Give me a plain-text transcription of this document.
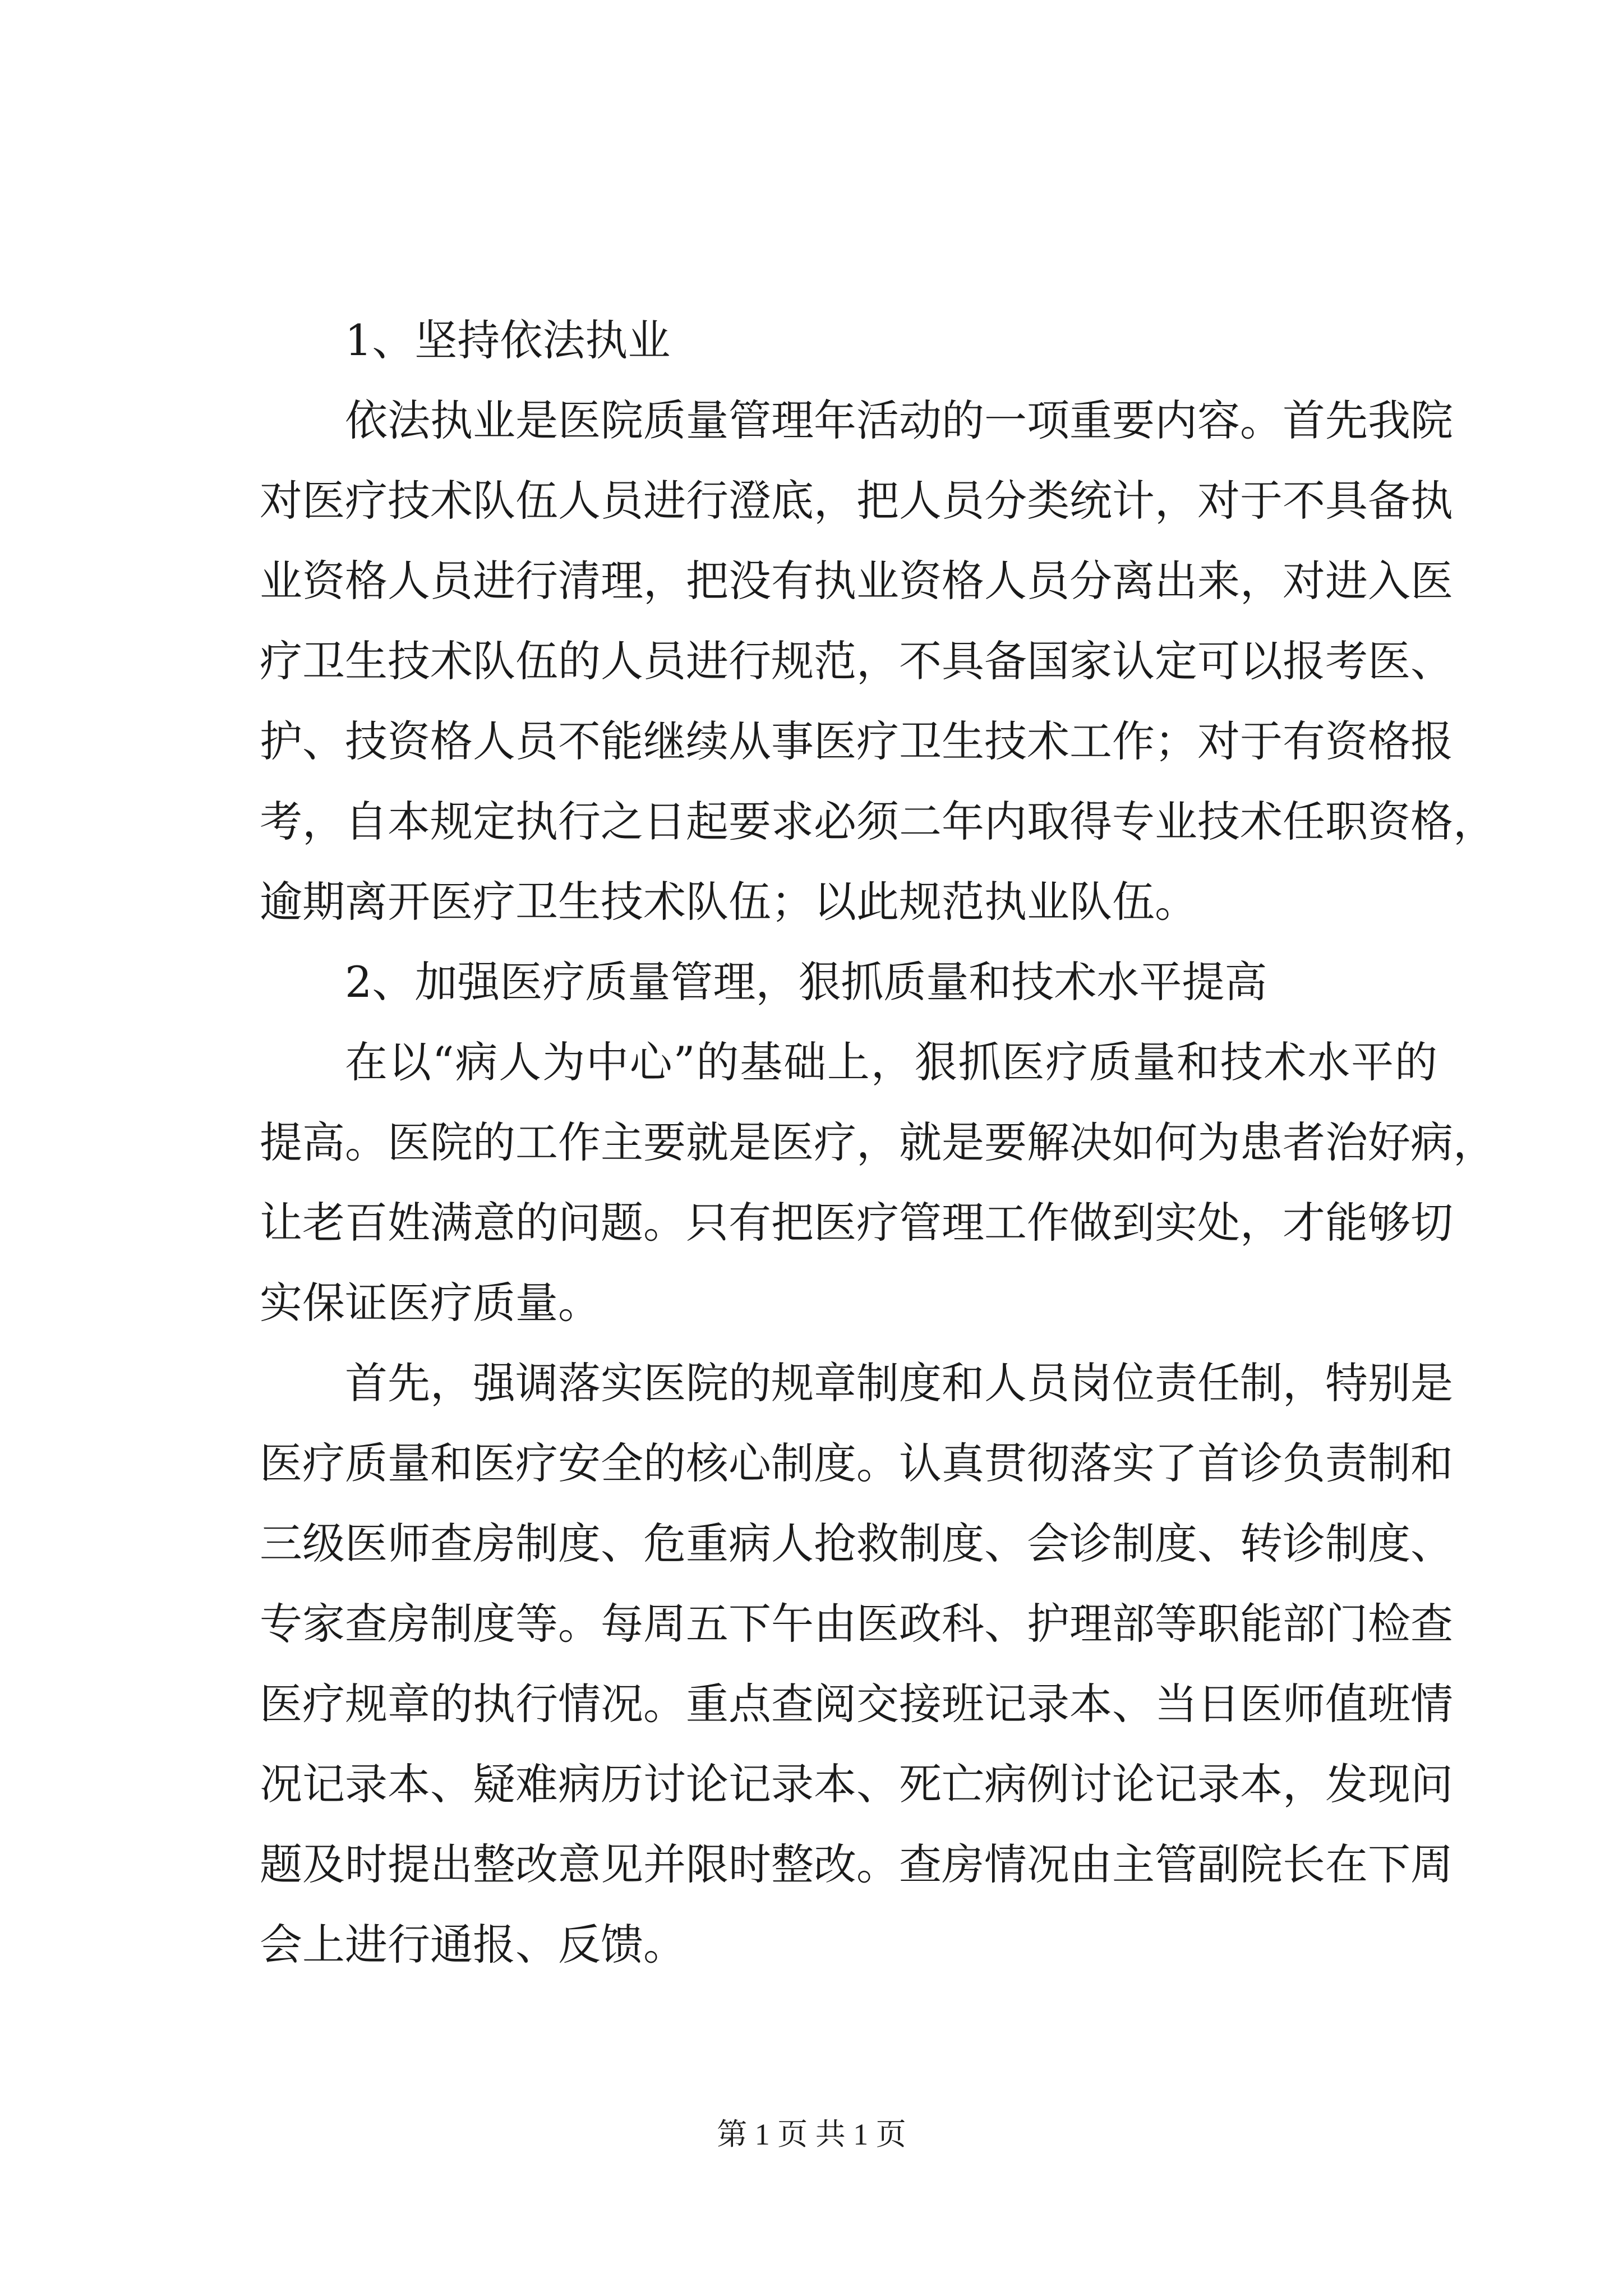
1、坚持依法执业
依法执业是医院质量管理年活动的一项重要内容。首先我院
对医疗技术队伍人员进行澄底，把人员分类统计，对于不具备执
业资格人员进行清理，把没有执业资格人员分离出来，对进入医
疗卫生技术队伍的人员进行规范，不具备国家认定可以报考医、
护、技资格人员不能继续从事医疗卫生技术工作；对于有资格报
考，自本规定执行之日起要求必须二年内取得专业技术任职资格，
逾期离开医疗卫生技术队伍；以此规范执业队伍。
2、加强医疗质量管理，狠抓质量和技术水平提高
在以“病人为中心”的基础上，狠抓医疗质量和技术水平的
提高。医院的工作主要就是医疗，就是要解决如何为患者治好病，
让老百姓满意的问题。只有把医疗管理工作做到实处，才能够切
实保证医疗质量。
首先，强调落实医院的规章制度和人员岗位责任制，特别是
医疗质量和医疗安全的核心制度。认真贯彻落实了首诊负责制和
三级医师查房制度、危重病人抢救制度、会诊制度、转诊制度、
专家查房制度等。每周五下午由医政科、护理部等职能部门检查
医疗规章的执行情况。重点查阅交接班记录本、当日医师值班情
况记录本、疑难病历讨论记录本、死亡病例讨论记录本，发现问
题及时提出整改意见并限时整改。查房情况由主管副院长在下周
会上进行通报、反馈。
第 1 页 共 1 页
